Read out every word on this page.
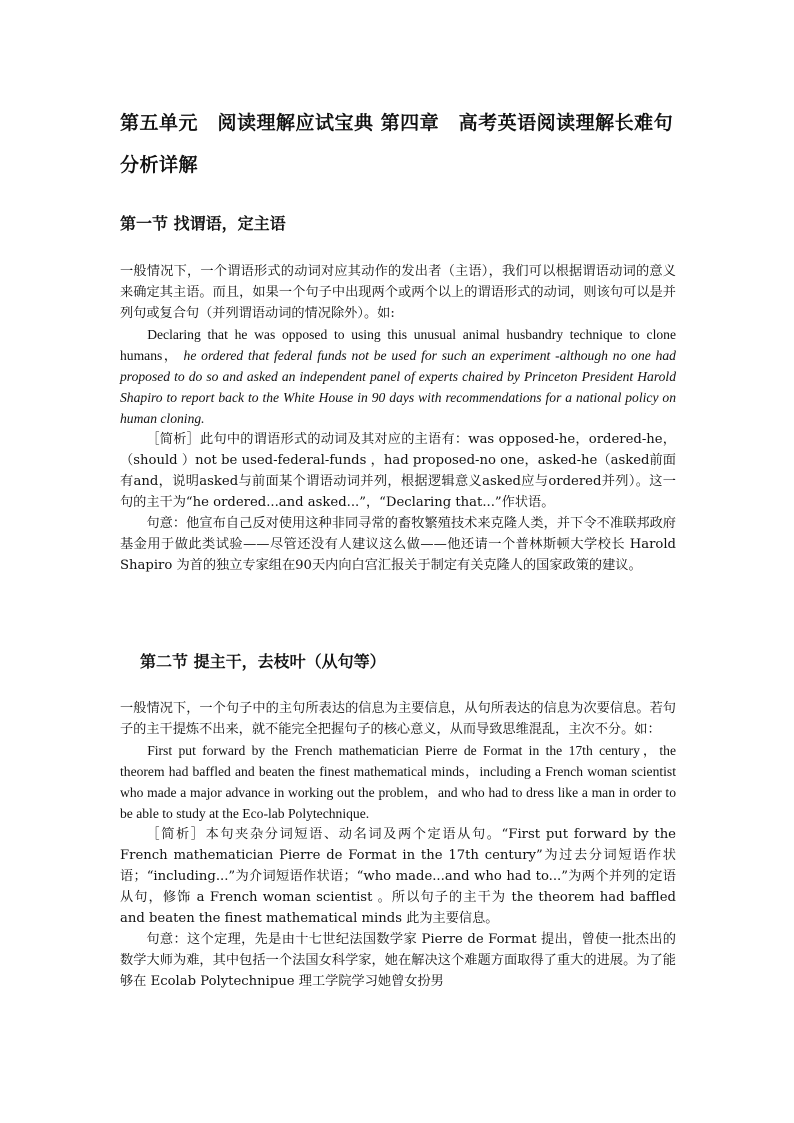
第五单元　阅读理解应试宝典 第四章　高考英语阅读理解长难句分析详解
第一节 找谓语，定主语

一般情况下，一个谓语形式的动词对应其动作的发出者（主语），我们可以根据谓语动词的意义来确定其主语。而且，如果一个句子中出现两个或两个以上的谓语形式的动词，则该句可以是并列句或复合句（并列谓语动词的情况除外）。如:

Declaring that he was opposed to using this unusual animal husbandry technique to clone humans， he ordered that federal funds not be used for such an experiment -although no one had proposed to do so and asked an independent panel of experts chaired by Princeton President Harold Shapiro to report back to the White House in 90 days with recommendations for a national policy on human cloning.

［简析］此句中的谓语形式的动词及其对应的主语有：was opposed-he，ordered-he，（should ）not be used-federal-funds ，had proposed-no one，asked-he（asked前面有and，说明asked与前面某个谓语动词并列，根据逻辑意义asked应与ordered并列）。这一句的主干为“he ordered...and asked...”，“Declaring that...”作状语。

句意：他宣布自己反对使用这种非同寻常的畜牧繁殖技术来克隆人类，并下令不准联邦政府基金用于做此类试验——尽管还没有人建议这么做——他还请一个普林斯顿大学校长 Harold Shapiro 为首的独立专家组在90天内向白宫汇报关于制定有关克隆人的国家政策的建议。

第二节 提主干，去枝叶（从句等）

一般情况下，一个句子中的主句所表达的信息为主要信息，从句所表达的信息为次要信息。若句子的主干提炼不出来，就不能完全把握句子的核心意义，从而导致思维混乱，主次不分。如：

First put forward by the French mathematician Pierre de Format in the 17th century，the theorem had baffled and beaten the finest mathematical minds，including a French woman scientist who made a major advance in working out the problem，and who had to dress like a man in order to be able to study at the Eco-lab Polytechnique.

［简析］本句夹杂分词短语、动名词及两个定语从句。“First put forward by the French mathematician Pierre de Format in the 17th century”为过去分词短语作状语；“including...”为介词短语作状语；“who made...and who had to...”为两个并列的定语从句，修饰 a French woman scientist 。所以句子的主干为 the theorem had baffled and beaten the finest mathematical minds 此为主要信息。

句意：这个定理，先是由十七世纪法国数学家 Pierre de Format 提出，曾使一批杰出的数学大师为难，其中包括一个法国女科学家，她在解决这个难题方面取得了重大的进展。为了能够在 Ecolab Polytechnipue 理工学院学习她曾女扮男
